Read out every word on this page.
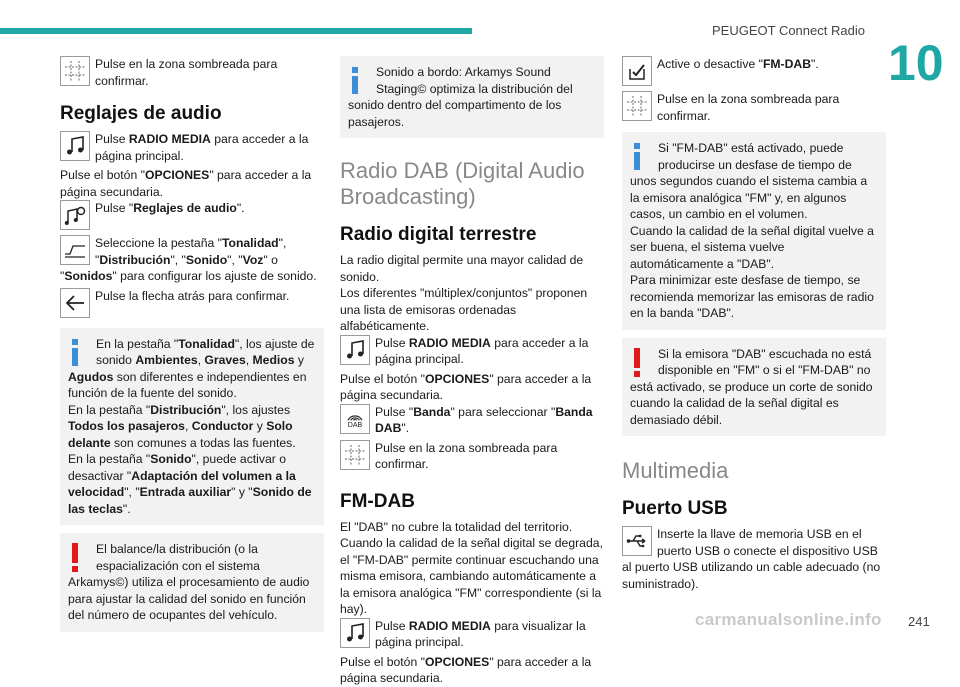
PEUGEOT Connect Radio
10

Pulse en la zona sombreada para confirmar.

Reglajes de audio

Pulse RADIO MEDIA para acceder a la página principal.

Pulse el botón "OPCIONES" para acceder a la página secundaria.

Pulse "Reglajes de audio".

Seleccione la pestaña "Tonalidad", "Distribución", "Sonido", "Voz" o "Sonidos" para configurar los ajuste de sonido.

Pulse la flecha atrás para confirmar.

En la pestaña "Tonalidad", los ajuste de sonido Ambientes, Graves, Medios y Agudos son diferentes e independientes en función de la fuente del sonido.

En la pestaña "Distribución", los ajustes Todos los pasajeros, Conductor y Solo delante son comunes a todas las fuentes.

En la pestaña "Sonido", puede activar o desactivar "Adaptación del volumen a la velocidad", "Entrada auxiliar" y "Sonido de las teclas".

El balance/la distribución (o la espacialización con el sistema Arkamys©) utiliza el procesamiento de audio para ajustar la calidad del sonido en función del número de ocupantes del vehículo.

Sonido a bordo: Arkamys Sound Staging© optimiza la distribución del sonido dentro del compartimento de los pasajeros.

Radio DAB (Digital Audio Broadcasting)
Radio digital terrestre

La radio digital permite una mayor calidad de sonido.

Los diferentes "múltiplex/conjuntos" proponen una lista de emisoras ordenadas alfabéticamente.

Pulse RADIO MEDIA para acceder a la página principal.

Pulse el botón "OPCIONES" para acceder a la página secundaria.

DAB

Pulse "Banda" para seleccionar "Banda DAB".

Pulse en la zona sombreada para confirmar.

FM-DAB

El "DAB" no cubre la totalidad del territorio.

Cuando la calidad de la señal digital se degrada, el "FM-DAB" permite continuar escuchando una misma emisora, cambiando automáticamente a la emisora analógica "FM" correspondiente (si la hay).

Pulse RADIO MEDIA para visualizar la página principal.

Pulse el botón "OPCIONES" para acceder a la página secundaria.

Active o desactive "FM-DAB".

Pulse en la zona sombreada para confirmar.

Si "FM-DAB" está activado, puede producirse un desfase de tiempo de unos segundos cuando el sistema cambia a la emisora analógica "FM" y, en algunos casos, un cambio en el volumen.

Cuando la calidad de la señal digital vuelve a ser buena, el sistema vuelve automáticamente a "DAB".

Para minimizar este desfase de tiempo, se recomienda memorizar las emisoras de radio en la banda "DAB".

Si la emisora "DAB" escuchada no está disponible en "FM" o si el "FM-DAB" no está activado, se produce un corte de sonido cuando la calidad de la señal digital es demasiado débil.

Multimedia
Puerto USB

Inserte la llave de memoria USB en el puerto USB o conecte el dispositivo USB al puerto USB utilizando un cable adecuado (no suministrado).

carmanualsonline.info 241
